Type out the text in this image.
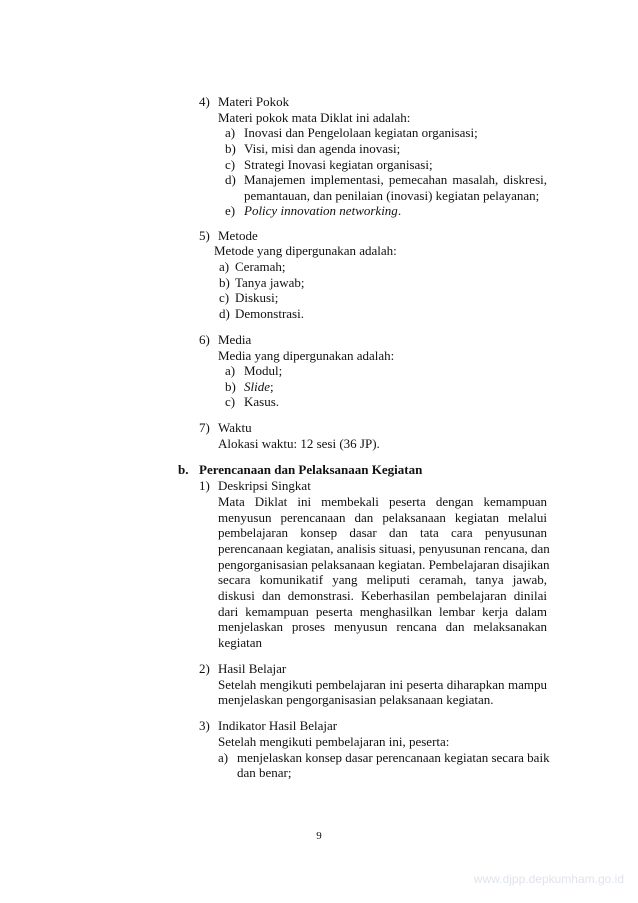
4) Materi Pokok
Materi pokok mata Diklat ini adalah:
a) Inovasi dan Pengelolaan kegiatan organisasi;
b) Visi, misi dan agenda inovasi;
c) Strategi Inovasi kegiatan organisasi;
d) Manajemen implementasi, pemecahan masalah, diskresi,
pemantauan, dan penilaian (inovasi) kegiatan pelayanan;
e) Policy innovation networking.
5) Metode
Metode yang dipergunakan adalah:
a) Ceramah;
b) Tanya jawab;
c) Diskusi;
d) Demonstrasi.
6) Media
Media yang dipergunakan adalah:
a) Modul;
b) Slide;
c) Kasus.
7) Waktu
Alokasi waktu: 12 sesi (36 JP).
b. Perencanaan dan Pelaksanaan Kegiatan
1) Deskripsi Singkat
Mata Diklat ini membekali peserta dengan kemampuan
menyusun perencanaan dan pelaksanaan kegiatan melalui
pembelajaran konsep dasar dan tata cara penyusunan
perencanaan kegiatan, analisis situasi, penyusunan rencana, dan
pengorganisasian pelaksanaan kegiatan. Pembelajaran disajikan
secara komunikatif yang meliputi ceramah, tanya jawab,
diskusi dan demonstrasi. Keberhasilan pembelajaran dinilai
dari kemampuan peserta menghasilkan lembar kerja dalam
menjelaskan proses menyusun rencana dan melaksanakan
kegiatan
2) Hasil Belajar
Setelah mengikuti pembelajaran ini peserta diharapkan mampu
menjelaskan pengorganisasian pelaksanaan kegiatan.
3) Indikator Hasil Belajar
Setelah mengikuti pembelajaran ini, peserta:
a) menjelaskan konsep dasar perencanaan kegiatan secara baik
dan benar;
9
www.djpp.depkumham.go.id
